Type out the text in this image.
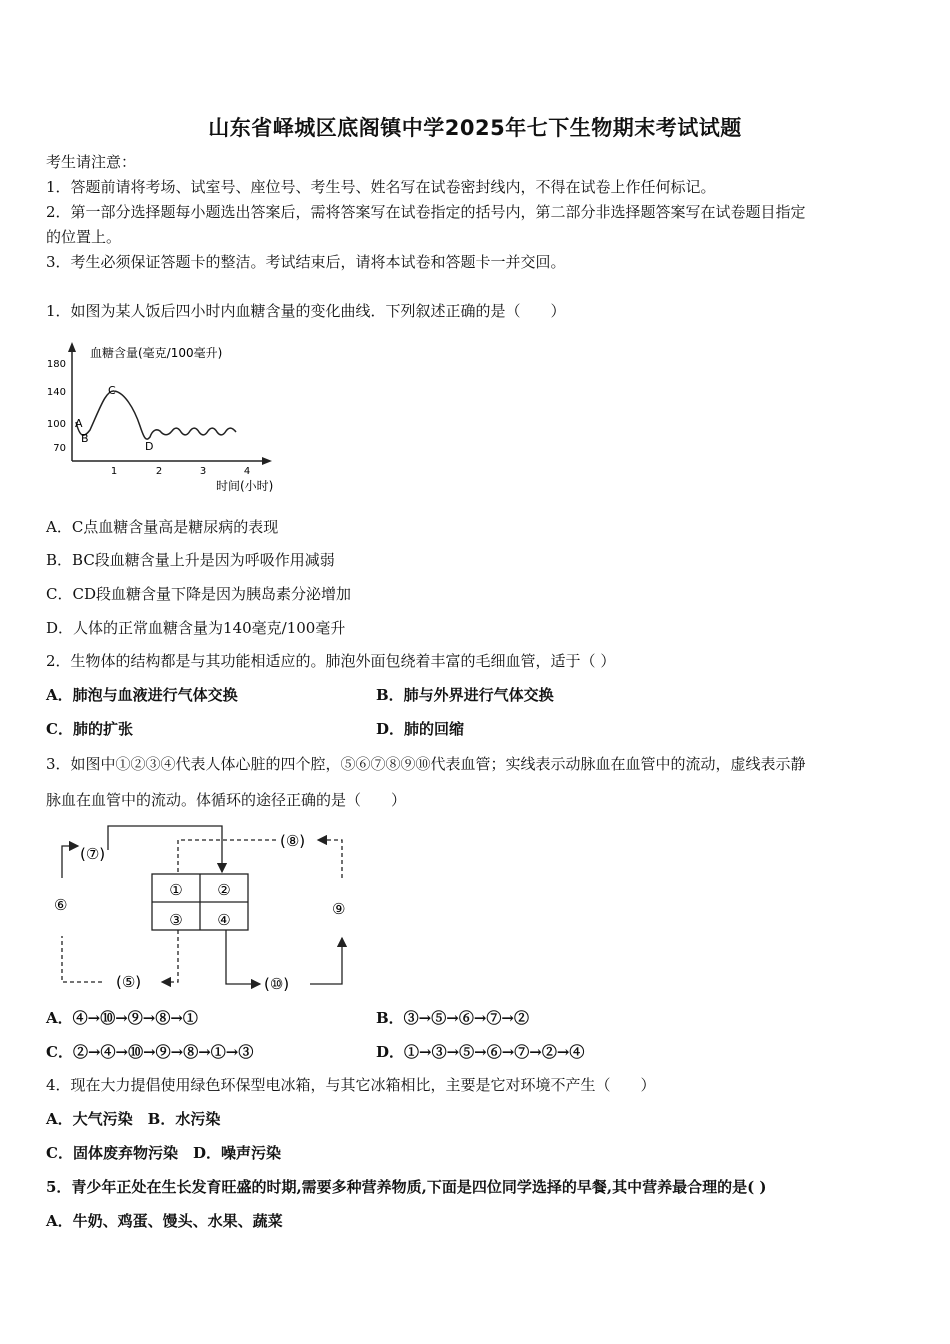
山东省峄城区底阁镇中学2025年七下生物期末考试试题
考生请注意：
1．答题前请将考场、试室号、座位号、考生号、姓名写在试卷密封线内，不得在试卷上作任何标记。
2．第一部分选择题每小题选出答案后，需将答案写在试卷指定的括号内，第二部分非选择题答案写在试卷题目指定
的位置上。
3．考生必须保证答题卡的整洁。考试结束后，请将本试卷和答题卡一并交回。
1．如图为某人饭后四小时内血糖含量的变化曲线．下列叙述正确的是（　　）
180
140
100
70
1	2	3	4
血糖含量(毫克/100毫升)
时间(小时)
A
B
C
D
A．C点血糖含量高是糖尿病的表现
B．BC段血糖含量上升是因为呼吸作用减弱
C．CD段血糖含量下降是因为胰岛素分泌增加
D．人体的正常血糖含量为140毫克/100毫升
2．生物体的结构都是与其功能相适应的。肺泡外面包绕着丰富的毛细血管，适于（ ）
A．肺泡与血液进行气体交换	B．肺与外界进行气体交换
C．肺的扩张	D．肺的回缩
3．如图中①②③④代表人体心脏的四个腔，⑤⑥⑦⑧⑨⑩代表血管；实线表示动脉血在血管中的流动，虚线表示静
脉血在血管中的流动。体循环的途径正确的是（　　）
① ②
③ ④
(⑦)
(⑧)
⑥	⑨
(⑤)	(⑩)
A．④→⑩→⑨→⑧→①	B．③→⑤→⑥→⑦→②
C．②→④→⑩→⑨→⑧→①→③	D．①→③→⑤→⑥→⑦→②→④
4．现在大力提倡使用绿色环保型电冰箱，与其它冰箱相比，主要是它对环境不产生（　　）
A．大气污染　B．水污染
C．固体废弃物污染　D．噪声污染
5．青少年正处在生长发育旺盛的时期,需要多种营养物质,下面是四位同学选择的早餐,其中营养最合理的是( )
A．牛奶、鸡蛋、馒头、水果、蔬菜
